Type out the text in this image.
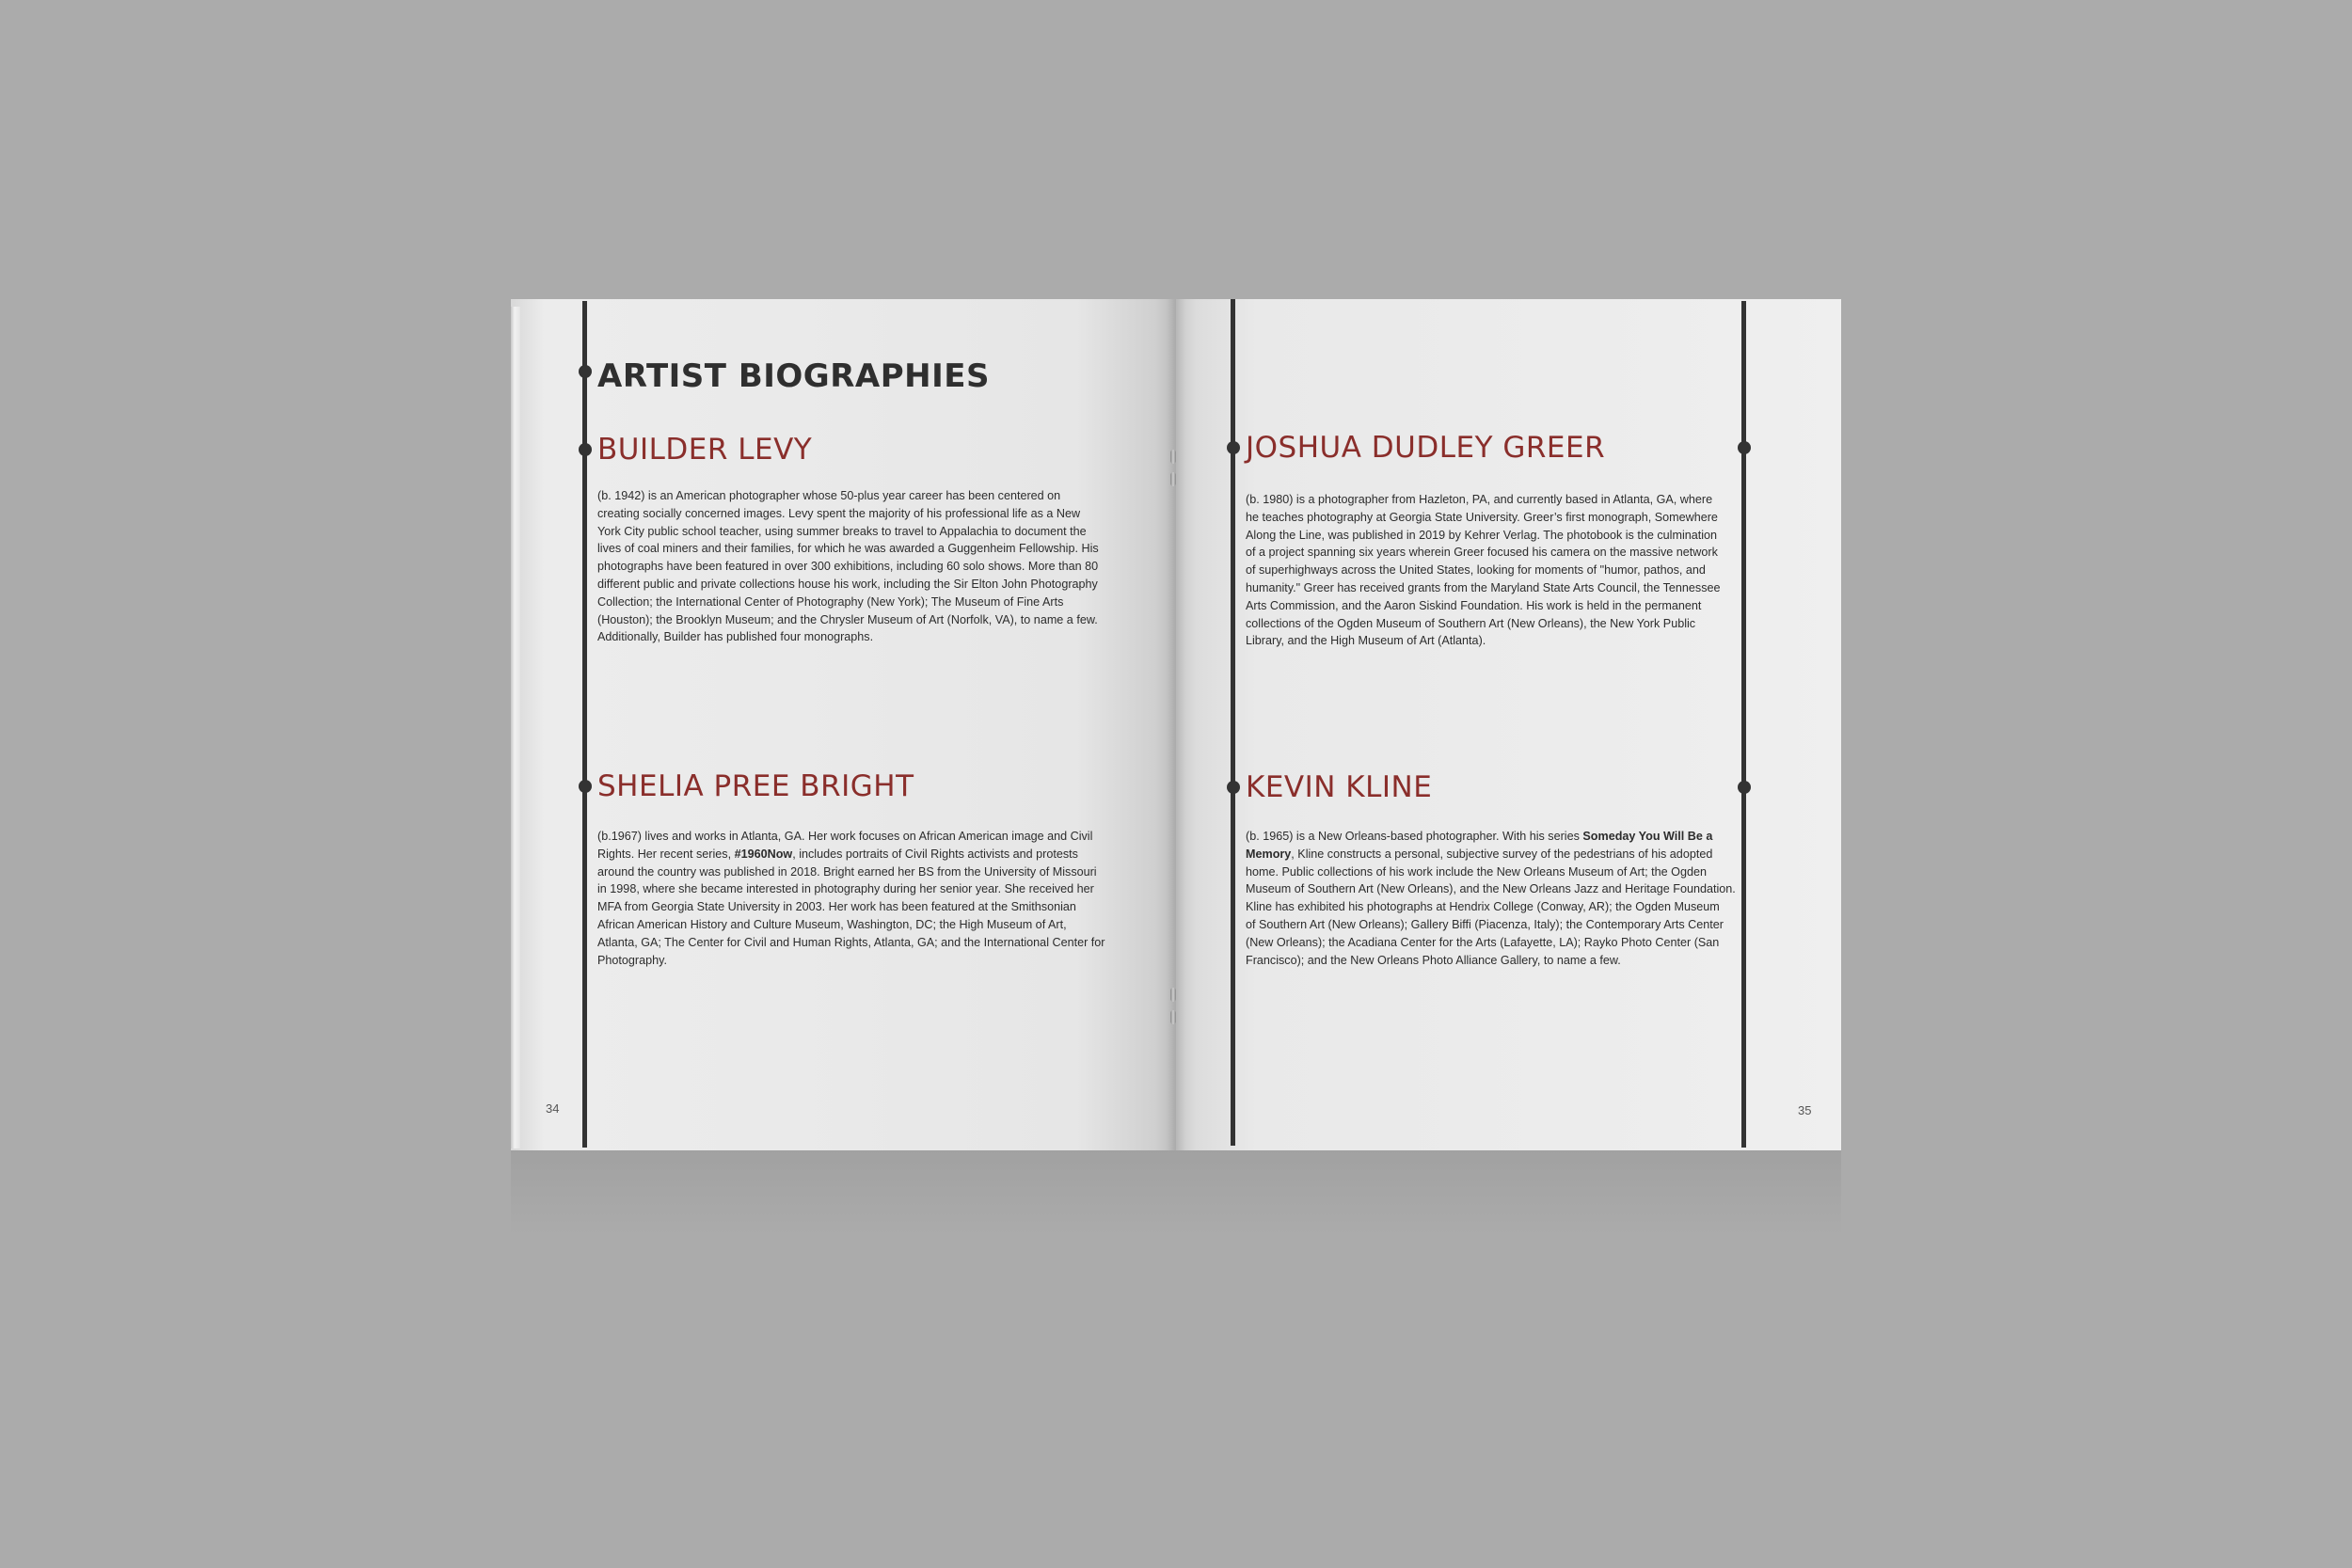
ARTIST BIOGRAPHIES
BUILDER LEVY
(b. 1942) is an American photographer whose 50-plus year career has been centered on
creating socially concerned images. Levy spent the majority of his professional life as a New
York City public school teacher, using summer breaks to travel to Appalachia to document the
lives of coal miners and their families, for which he was awarded a Guggenheim Fellowship. His
photographs have been featured in over 300 exhibitions, including 60 solo shows. More than 80
different public and private collections house his work, including the Sir Elton John Photography
Collection; the International Center of Photography (New York); The Museum of Fine Arts
(Houston); the Brooklyn Museum; and the Chrysler Museum of Art (Norfolk, VA), to name a few.
Additionally, Builder has published four monographs.
SHELIA PREE BRIGHT
(b.1967) lives and works in Atlanta, GA. Her work focuses on African American image and Civil
Rights. Her recent series, #1960Now, includes portraits of Civil Rights activists and protests
around the country was published in 2018. Bright earned her BS from the University of Missouri
in 1998, where she became interested in photography during her senior year. She received her
MFA from Georgia State University in 2003. Her work has been featured at the Smithsonian
African American History and Culture Museum, Washington, DC; the High Museum of Art,
Atlanta, GA; The Center for Civil and Human Rights, Atlanta, GA; and the International Center for
Photography.
34
JOSHUA DUDLEY GREER
(b. 1980) is a photographer from Hazleton, PA, and currently based in Atlanta, GA, where
he teaches photography at Georgia State University. Greer’s first monograph, Somewhere
Along the Line, was published in 2019 by Kehrer Verlag. The photobook is the culmination
of a project spanning six years wherein Greer focused his camera on the massive network
of superhighways across the United States, looking for moments of "humor, pathos, and
humanity." Greer has received grants from the Maryland State Arts Council, the Tennessee
Arts Commission, and the Aaron Siskind Foundation. His work is held in the permanent
collections of the Ogden Museum of Southern Art (New Orleans), the New York Public
Library, and the High Museum of Art (Atlanta).
KEVIN KLINE
(b. 1965) is a New Orleans-based photographer. With his series Someday You Will Be a
Memory, Kline constructs a personal, subjective survey of the pedestrians of his adopted
home. Public collections of his work include the New Orleans Museum of Art; the Ogden
Museum of Southern Art (New Orleans), and the New Orleans Jazz and Heritage Foundation.
Kline has exhibited his photographs at Hendrix College (Conway, AR); the Ogden Museum
of Southern Art (New Orleans); Gallery Biffi (Piacenza, Italy); the Contemporary Arts Center
(New Orleans); the Acadiana Center for the Arts (Lafayette, LA); Rayko Photo Center (San
Francisco); and the New Orleans Photo Alliance Gallery, to name a few.
35
